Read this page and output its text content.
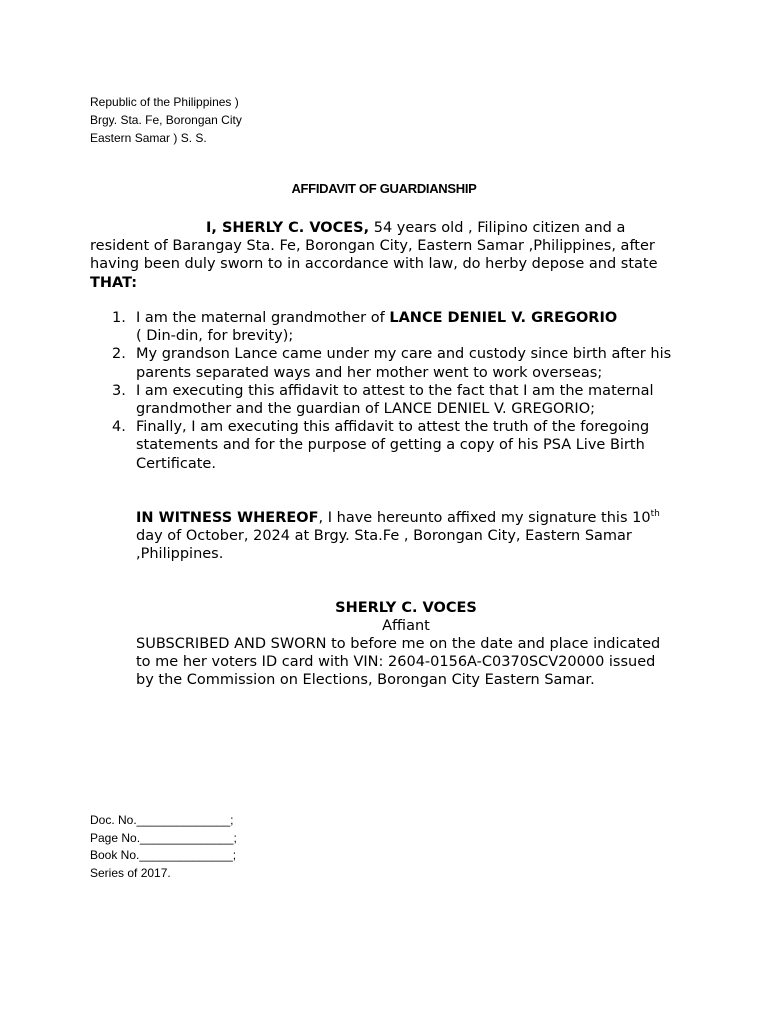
Republic of the Philippines )
Brgy. Sta. Fe, Borongan City
Eastern Samar ) S. S.
AFFIDAVIT OF GUARDIANSHIP
I, SHERLY C. VOCES, 54 years old , Filipino citizen and a resident of Barangay Sta. Fe, Borongan City, Eastern Samar ,Philippines, after having been duly sworn to in accordance with law, do herby depose and state THAT:
1. I am the maternal grandmother of LANCE DENIEL V. GREGORIO
( Din-din, for brevity);
2. My grandson Lance came under my care and custody since birth after his parents separated ways and her mother went to work overseas;
3. I am executing this affidavit to attest to the fact that I am the maternal grandmother and the guardian of LANCE DENIEL V. GREGORIO;
4. Finally, I am executing this affidavit to attest the truth of the foregoing statements and for the purpose of getting a copy of his PSA Live Birth Certificate.
IN WITNESS WHEREOF, I have hereunto affixed my signature this 10th day of October, 2024 at Brgy. Sta.Fe , Borongan City, Eastern Samar ,Philippines.
SHERLY C. VOCES
Affiant
SUBSCRIBED AND SWORN to before me on the date and place indicated to me her voters ID card with VIN: 2604-0156A-C0370SCV20000 issued by the Commission on Elections, Borongan City Eastern Samar.
Doc. No.______________;
Page No.______________;
Book No.______________;
Series of 2017.
